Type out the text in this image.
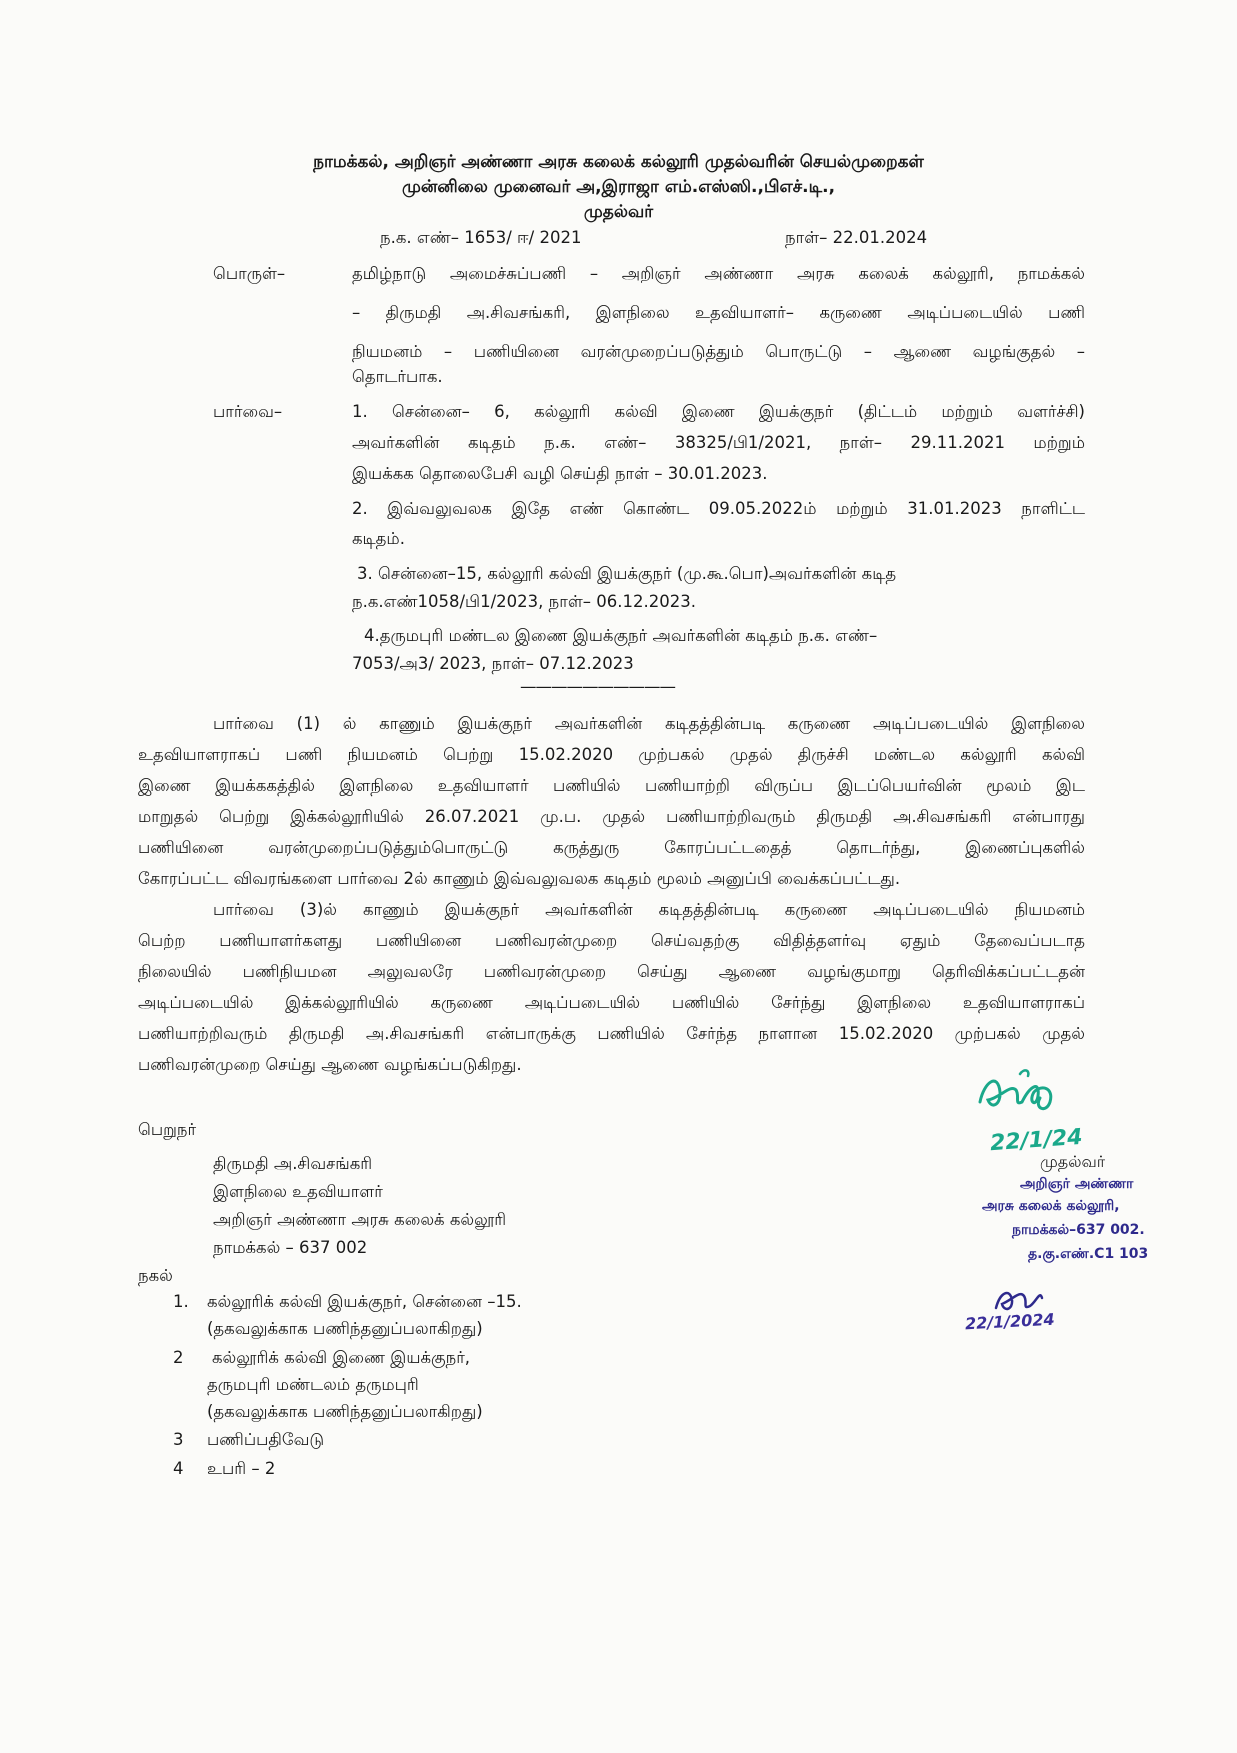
நாமக்கல், அறிஞர் அண்ணா அரசு கலைக் கல்லூரி முதல்வரின் செயல்முறைகள்
முன்னிலை முனைவர் அ,இராஜா எம்.எஸ்ஸி.,பிஎச்.டி.,
முதல்வர்
ந.க. எண்– 1653/ ஈ/ 2021	நாள்– 22.01.2024
பொருள்–	தமிழ்நாடு அமைச்சுப்பணி – அறிஞர் அண்ணா அரசு கலைக் கல்லூரி, நாமக்கல்
– திருமதி அ.சிவசங்கரி, இளநிலை உதவியாளர்– கருணை அடிப்படையில் பணி
நியமனம் – பணியினை வரன்முறைப்படுத்தும் பொருட்டு – ஆணை வழங்குதல் –
தொடர்பாக.
பார்வை–	1. சென்னை– 6, கல்லூரி கல்வி இணை இயக்குநர் (திட்டம் மற்றும் வளர்ச்சி)
அவர்களின் கடிதம் ந.க. எண்– 38325/பி1/2021, நாள்– 29.11.2021 மற்றும்
இயக்கக தொலைபேசி வழி செய்தி நாள் – 30.01.2023.
2. இவ்வலுவலக இதே எண் கொண்ட 09.05.2022ம் மற்றும் 31.01.2023 நாளிட்ட
கடிதம்.
3. சென்னை–15, கல்லூரி கல்வி இயக்குநர் (மு.கூ.பொ)அவர்களின் கடித
ந.க.எண்1058/பி1/2023, நாள்– 06.12.2023.
4.தருமபுரி மண்டல இணை இயக்குநர் அவர்களின் கடிதம் ந.க. எண்–
7053/அ3/ 2023, நாள்– 07.12.2023
——————————
பார்வை (1) ல் காணும் இயக்குநர் அவர்களின் கடிதத்தின்படி கருணை அடிப்படையில் இளநிலை
உதவியாளராகப் பணி நியமனம் பெற்று 15.02.2020 முற்பகல் முதல் திருச்சி மண்டல கல்லூரி கல்வி
இணை இயக்ககத்தில் இளநிலை உதவியாளர் பணியில் பணியாற்றி விருப்ப இடப்பெயர்வின் மூலம் இட
மாறுதல் பெற்று இக்கல்லூரியில் 26.07.2021 மு.ப. முதல் பணியாற்றிவரும் திருமதி அ.சிவசங்கரி என்பாரது
பணியினை வரன்முறைப்படுத்தும்பொருட்டு கருத்துரு கோரப்பட்டதைத் தொடர்ந்து, இணைப்புகளில்
கோரப்பட்ட விவரங்களை பார்வை 2ல் காணும் இவ்வலுவலக கடிதம் மூலம் அனுப்பி வைக்கப்பட்டது.
பார்வை (3)ல் காணும் இயக்குநர் அவர்களின் கடிதத்தின்படி கருணை அடிப்படையில் நியமனம்
பெற்ற பணியாளர்களது பணியினை பணிவரன்முறை செய்வதற்கு விதித்தளர்வு ஏதும் தேவைப்படாத
நிலையில் பணிநியமன அலுவலரே பணிவரன்முறை செய்து ஆணை வழங்குமாறு தெரிவிக்கப்பட்டதன்
அடிப்படையில் இக்கல்லூரியில் கருணை அடிப்படையில் பணியில் சேர்ந்து இளநிலை உதவியாளராகப்
பணியாற்றிவரும் திருமதி அ.சிவசங்கரி என்பாருக்கு பணியில் சேர்ந்த நாளான 15.02.2020 முற்பகல் முதல்
பணிவரன்முறை செய்து ஆணை வழங்கப்படுகிறது.
பெறுநர்
திருமதி அ.சிவசங்கரி
இளநிலை உதவியாளர்
அறிஞர் அண்ணா அரசு கலைக் கல்லூரி
நாமக்கல் – 637 002
நகல்
1. கல்லூரிக் கல்வி இயக்குநர், சென்னை –15.
(தகவலுக்காக பணிந்தனுப்பலாகிறது)
2 கல்லூரிக் கல்வி இணை இயக்குநர்,
தருமபுரி மண்டலம் தருமபுரி
(தகவலுக்காக பணிந்தனுப்பலாகிறது)
3 பணிப்பதிவேடு
4 உபரி – 2
22/1/24
முதல்வர்
அறிஞர் அண்ணா
அரசு கலைக் கல்லூரி,
நாமக்கல்–637 002.
த.கு.எண்.C1 103
22/1/2024
